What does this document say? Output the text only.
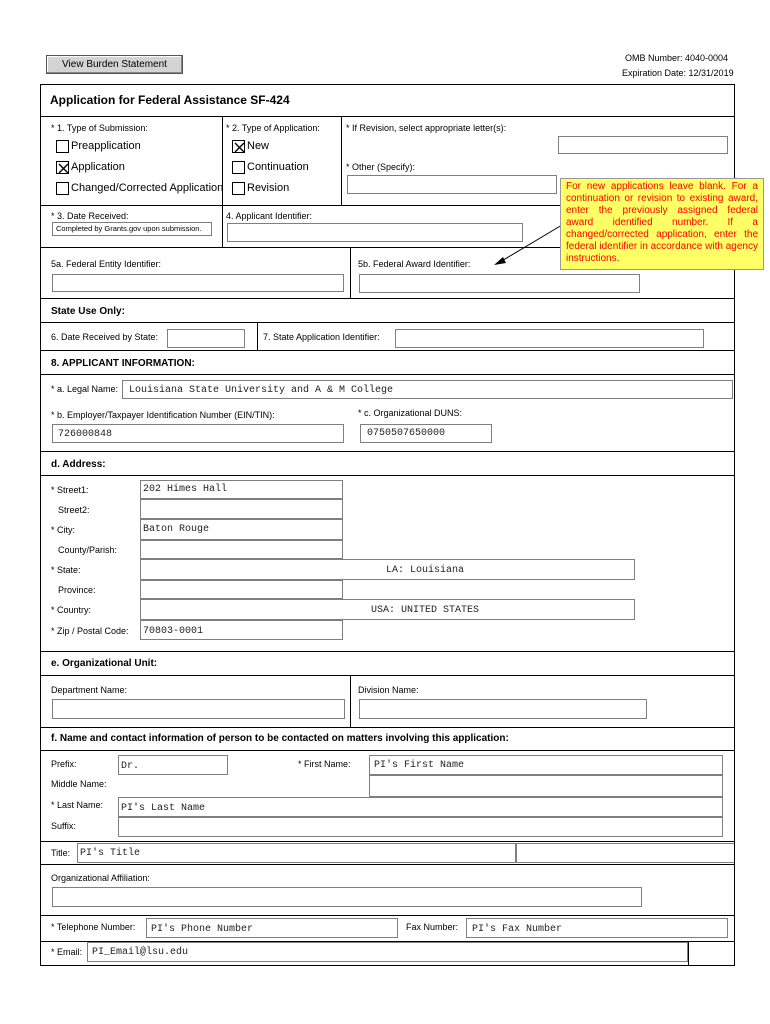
View Burden Statement
OMB Number: 4040-0004
Expiration Date: 12/31/2019
Application for Federal Assistance SF-424
* 1. Type of Submission:
Preapplication
Application
Changed/Corrected Application
* 2. Type of Application:
New
Continuation
Revision
* If Revision, select appropriate letter(s):
* Other (Specify):
* 3. Date Received:
Completed by Grants.gov upon submission.
4. Applicant Identifier:
5a. Federal Entity Identifier:	5b. Federal Award Identifier:
For new applications leave blank. For a continuation or revision to existing award, enter the previously assigned federal award identified number. If a changed/corrected application, enter the federal identifier in accordance with agency instructions.
State Use Only:
6. Date Received by State:	7. State Application Identifier:
8. APPLICANT INFORMATION:
* a. Legal Name: Louisiana State University and A & M College
* b. Employer/Taxpayer Identification Number (EIN/TIN):
726000848
* c. Organizational DUNS:
0750507650000
d. Address:
* Street1:	202 Himes Hall
Street2:
* City:	Baton Rouge
County/Parish:
* State:	LA: Louisiana
Province:
* Country:	USA: UNITED STATES
* Zip / Postal Code: 70803-0001
e. Organizational Unit:
Department Name:	Division Name:
f. Name and contact information of person to be contacted on matters involving this application:
Prefix:	Dr.	* First Name: PI's First Name
Middle Name:
* Last Name: PI's Last Name
Suffix:
Title: PI's Title
Organizational Affiliation:
* Telephone Number: PI's Phone Number	Fax Number: PI's Fax Number
* Email: PI_Email@lsu.edu
